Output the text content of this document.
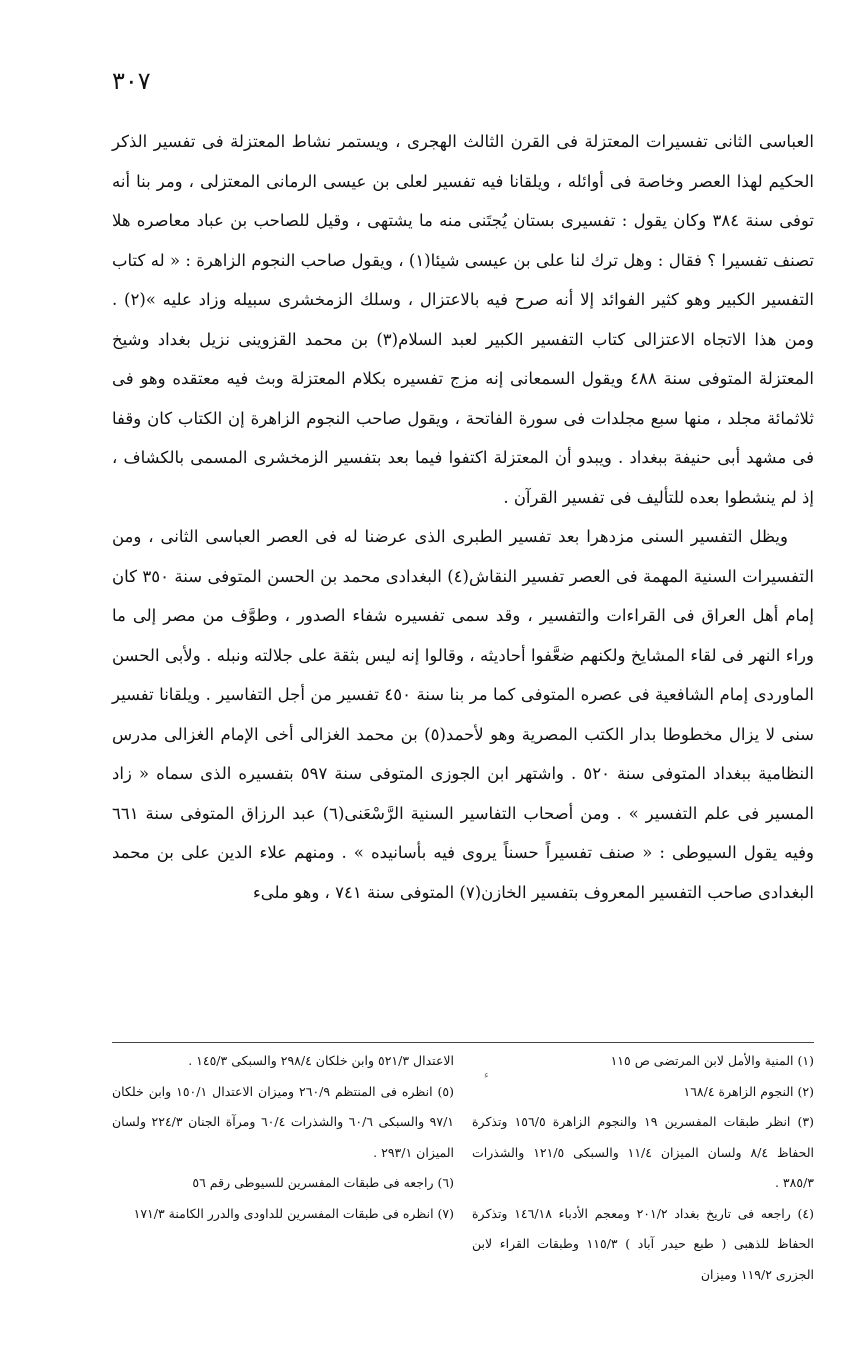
٣٠٧

العباسى الثانى تفسيرات المعتزلة فى القرن الثالث الهجرى ، ويستمر نشاط المعتزلة فى تفسير الذكر الحكيم لهذا العصر وخاصة فى أوائله ، ويلقانا فيه تفسير لعلى بن عيسى الرمانى المعتزلى ، ومر بنا أنه توفى سنة ٣٨٤ وكان يقول : تفسيرى بستان يُجتَنى منه ما يشتهى ، وقيل للصاحب بن عباد معاصره هلا تصنف تفسيرا ؟ فقال : وهل ترك لنا على بن عيسى شيئا(١) ، ويقول صاحب النجوم الزاهرة : « له كتاب التفسير الكبير وهو كثير الفوائد إلا أنه صرح فيه بالاعتزال ، وسلك الزمخشرى سبيله وزاد عليه »(٢) . ومن هذا الاتجاه الاعتزالى كتاب التفسير الكبير لعبد السلام(٣) بن محمد القزوينى نزيل بغداد وشيخ المعتزلة المتوفى سنة ٤٨٨ ويقول السمعانى إنه مزج تفسيره بكلام المعتزلة وبث فيه معتقده وهو فى ثلاثمائة مجلد ، منها سبع مجلدات فى سورة الفاتحة ، ويقول صاحب النجوم الزاهرة إن الكتاب كان وقفا فى مشهد أبى حنيفة ببغداد . ويبدو أن المعتزلة اكتفوا فيما بعد بتفسير الزمخشرى المسمى بالكشاف ، إذ لم ينشطوا بعده للتأليف فى تفسير القرآن .

ويظل التفسير السنى مزدهرا بعد تفسير الطبرى الذى عرضنا له فى العصر العباسى الثانى ، ومن التفسيرات السنية المهمة فى العصر تفسير النقاش(٤) البغدادى محمد بن الحسن المتوفى سنة ٣٥٠ كان إمام أهل العراق فى القراءات والتفسير ، وقد سمى تفسيره شفاء الصدور ، وطوَّف من مصر إلى ما وراء النهر فى لقاء المشايخ ولكنهم ضعَّفوا أحاديثه ، وقالوا إنه ليس بثقة على جلالته ونبله . ولأبى الحسن الماوردى إمام الشافعية فى عصره المتوفى كما مر بنا سنة ٤٥٠ تفسير من أجل التفاسير . ويلقانا تفسير سنى لا يزال مخطوطا بدار الكتب المصرية وهو لأحمد(٥) بن محمد الغزالى أخى الإمام الغزالى مدرس النظامية ببغداد المتوفى سنة ٥٢٠ . واشتهر ابن الجوزى المتوفى سنة ٥٩٧ بتفسيره الذى سماه « زاد المسير فى علم التفسير » . ومن أصحاب التفاسير السنية الرَّسْعَنى(٦) عبد الرزاق المتوفى سنة ٦٦١ وفيه يقول السيوطى : « صنف تفسيراً حسناً يروى فيه بأسانيده » . ومنهم علاء الدين على بن محمد البغدادى صاحب التفسير المعروف بتفسير الخازن(٧) المتوفى سنة ٧٤١ ، وهو ملىء

(١) المنية والأمل لابن المرتضى ص ١١٥

(٢) النجوم الزاهرة ١٦٨/٤

(٣) انظر طبقات المفسرين ١٩ والنجوم الزاهرة ١٥٦/٥ وتذكرة الحفاظ ٨/٤ ولسان الميزان ١١/٤ والسبكى ١٢١/٥ والشذرات ٣٨٥/٣ .

(٤) راجعه فى تاريخ بغداد ٢٠١/٢ ومعجم الأدباء ١٤٦/١٨ وتذكرة الحفاظ للذهبى ( طبع حيدر آباد ) ١١٥/٣ وطبقات القراء لابن الجزرى ١١٩/٢ وميزان

الاعتدال ٥٢١/٣ وابن خلكان ٢٩٨/٤ والسبكى ١٤٥/٣ .

(٥) انظره فى المنتظم ٢٦٠/٩ وميزان الاعتدال ١٥٠/١ وابن خلكان ٩٧/١ والسبكى ٦٠/٦ والشذرات ٦٠/٤ ومرآة الجنان ٢٢٤/٣ ولسان الميزان ٢٩٣/١ .

(٦) راجعه فى طبقات المفسرين للسيوطى رقم ٥٦

(٧) انظره فى طبقات المفسرين للداودى والدرر الكامنة ١٧١/٣

ء
